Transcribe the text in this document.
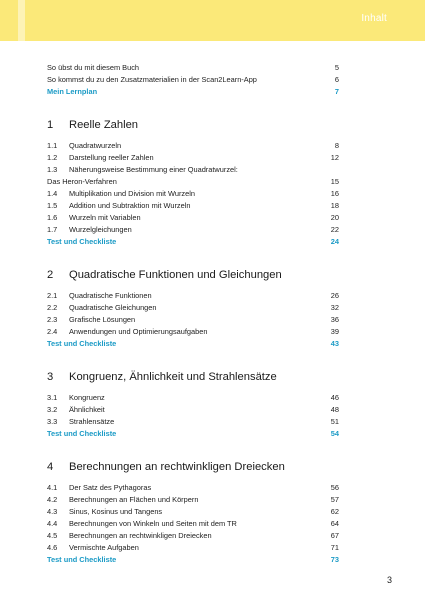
Inhalt
So übst du mit diesem Buch	5
So kommst du zu den Zusatzmaterialien in der Scan2Learn-App	6
Mein Lernplan	7
1 Reelle Zahlen
1.1 Quadratwurzeln	8
1.2 Darstellung reeller Zahlen	12
1.3 Näherungsweise Bestimmung einer Quadratwurzel:
Das Heron-Verfahren	15
1.4 Multiplikation und Division mit Wurzeln	16
1.5 Addition und Subtraktion mit Wurzeln	18
1.6 Wurzeln mit Variablen	20
1.7 Wurzelgleichungen	22
Test und Checkliste	24
2 Quadratische Funktionen und Gleichungen
2.1 Quadratische Funktionen	26
2.2 Quadratische Gleichungen	32
2.3 Grafische Lösungen	36
2.4 Anwendungen und Optimierungsaufgaben	39
Test und Checkliste	43
3 Kongruenz, Ähnlichkeit und Strahlensätze
3.1 Kongruenz	46
3.2 Ähnlichkeit	48
3.3 Strahlensätze	51
Test und Checkliste	54
4 Berechnungen an rechtwinkligen Dreiecken
4.1 Der Satz des Pythagoras	56
4.2 Berechnungen an Flächen und Körpern	57
4.3 Sinus, Kosinus und Tangens	62
4.4 Berechnungen von Winkeln und Seiten mit dem TR	64
4.5 Berechnungen an rechtwinkligen Dreiecken	67
4.6 Vermischte Aufgaben	71
Test und Checkliste	73
3
